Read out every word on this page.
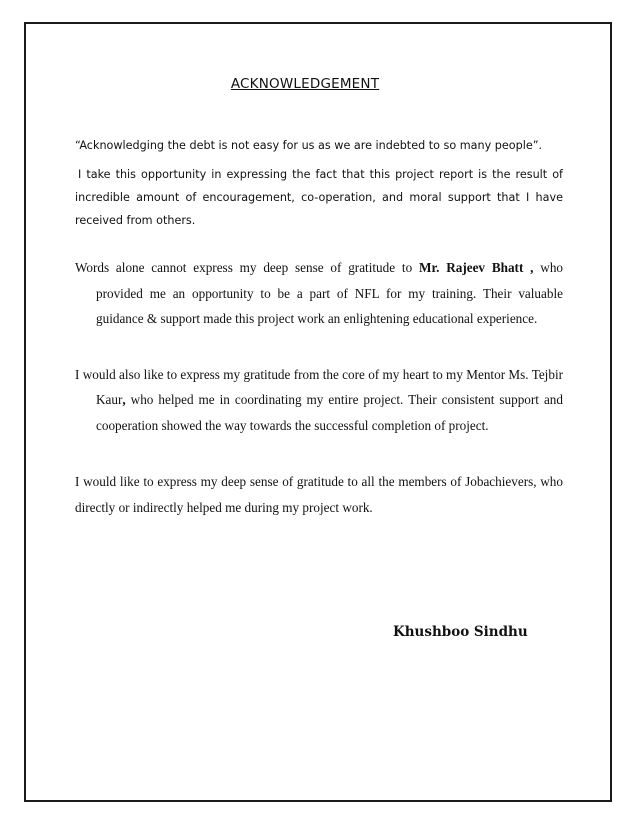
ACKNOWLEDGEMENT

“Acknowledging the debt is not easy for us as we are indebted to so many people”.

I take this opportunity in expressing the fact that this project report is the result of incredible amount of encouragement, co-operation, and moral support that I have received from others.

Words alone cannot express my deep sense of gratitude to Mr. Rajeev Bhatt , who provided me an opportunity to be a part of NFL for my training. Their valuable guidance & support made this project work an enlightening educational experience.

I would also like to express my gratitude from the core of my heart to my Mentor Ms. Tejbir Kaur, who helped me in coordinating my entire project. Their consistent support and cooperation showed the way towards the successful completion of project.

I would like to express my deep sense of gratitude to all the members of Jobachievers, who directly or indirectly helped me during my project work.

Khushboo Sindhu
